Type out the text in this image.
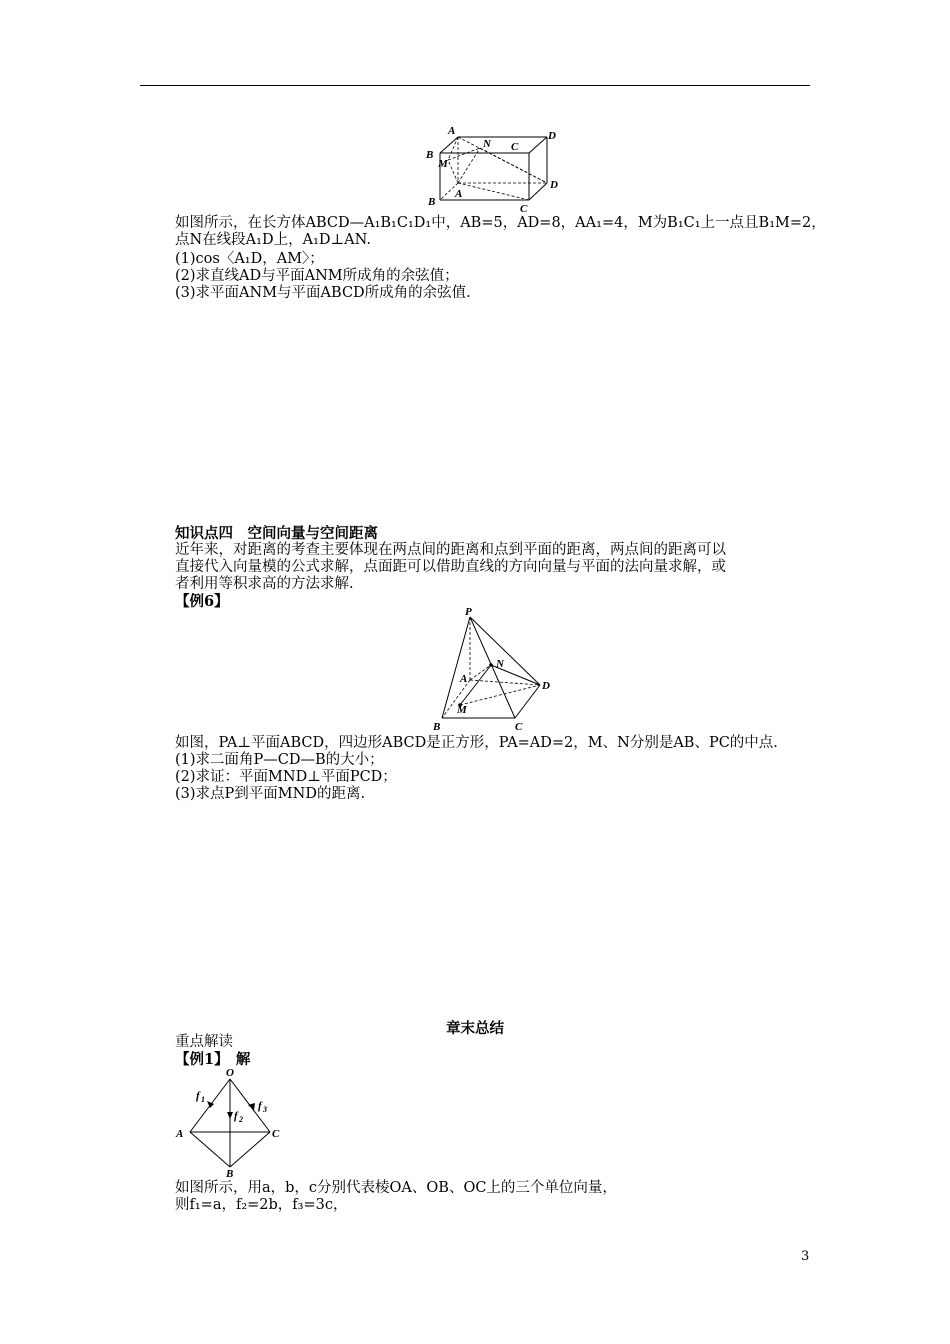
A
B
D
C
N
M
A
B
C
D

如图所示，在长方体ABCD—A₁B₁C₁D₁中，AB=5，AD=8，AA₁=4，M为B₁C₁上一点且B₁M=2，

点N在线段A₁D上，A₁D⊥AN.

(1)cos〈A₁D，AM〉；

(2)求直线AD与平面ANM所成角的余弦值；

(3)求平面ANM与平面ABCD所成角的余弦值.

知识点四　空间向量与空间距离

近年来，对距离的考查主要体现在两点间的距离和点到平面的距离，两点间的距离可以

直接代入向量模的公式求解，点面距可以借助直线的方向向量与平面的法向量求解，或

者利用等积求高的方法求解.

【例6】

P
N
A
D
M
B	C

如图，PA⊥平面ABCD，四边形ABCD是正方形，PA=AD=2，M、N分别是AB、PC的中点.

(1)求二面角P—CD—B的大小；

(2)求证：平面MND⊥平面PCD；

(3)求点P到平面MND的距离.

章末总结

重点解读

【例1】　解

O
A	C
B
f 1
f 2
f 3

如图所示，用a，b，c分别代表棱OA、OB、OC上的三个单位向量，

则f₁=a，f₂=2b，f₃=3c，

3
